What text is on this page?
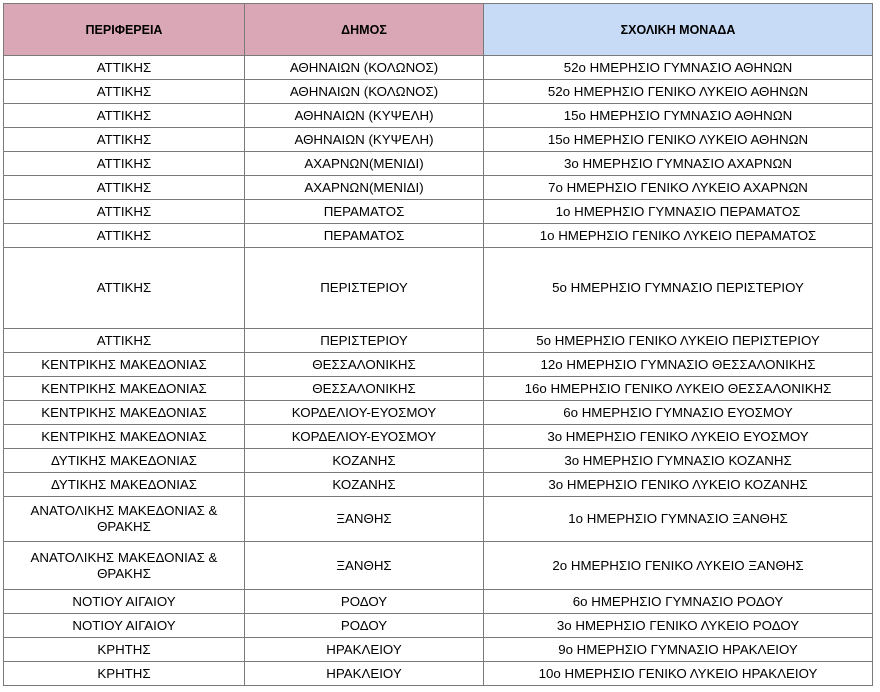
ΠΕΡΙΦΕΡΕΙΑ	ΔΗΜΟΣ	ΣΧΟΛΙΚΗ ΜΟΝΑΔΑ
ΑΤΤΙΚΗΣ	ΑΘΗΝΑΙΩΝ (ΚΟΛΩΝΟΣ)	52ο ΗΜΕΡΗΣΙΟ ΓΥΜΝΑΣΙΟ ΑΘΗΝΩΝ
ΑΤΤΙΚΗΣ	ΑΘΗΝΑΙΩΝ (ΚΟΛΩΝΟΣ)	52ο ΗΜΕΡΗΣΙΟ ΓΕΝΙΚΟ ΛΥΚΕΙΟ ΑΘΗΝΩΝ
ΑΤΤΙΚΗΣ	ΑΘΗΝΑΙΩΝ (ΚΥΨΕΛΗ)	15ο ΗΜΕΡΗΣΙΟ ΓΥΜΝΑΣΙΟ ΑΘΗΝΩΝ
ΑΤΤΙΚΗΣ	ΑΘΗΝΑΙΩΝ (ΚΥΨΕΛΗ)	15ο ΗΜΕΡΗΣΙΟ ΓΕΝΙΚΟ ΛΥΚΕΙΟ ΑΘΗΝΩΝ
ΑΤΤΙΚΗΣ	ΑΧΑΡΝΩΝ(ΜΕΝΙΔΙ)	3ο ΗΜΕΡΗΣΙΟ ΓΥΜΝΑΣΙΟ ΑΧΑΡΝΩΝ
ΑΤΤΙΚΗΣ	ΑΧΑΡΝΩΝ(ΜΕΝΙΔΙ)	7ο ΗΜΕΡΗΣΙΟ ΓΕΝΙΚΟ ΛΥΚΕΙΟ ΑΧΑΡΝΩΝ
ΑΤΤΙΚΗΣ	ΠΕΡΑΜΑΤΟΣ	1ο ΗΜΕΡΗΣΙΟ ΓΥΜΝΑΣΙΟ ΠΕΡΑΜΑΤΟΣ
ΑΤΤΙΚΗΣ	ΠΕΡΑΜΑΤΟΣ	1ο ΗΜΕΡΗΣΙΟ ΓΕΝΙΚΟ ΛΥΚΕΙΟ ΠΕΡΑΜΑΤΟΣ
ΑΤΤΙΚΗΣ	ΠΕΡΙΣΤΕΡΙΟΥ	5ο ΗΜΕΡΗΣΙΟ ΓΥΜΝΑΣΙΟ ΠΕΡΙΣΤΕΡΙΟΥ
ΑΤΤΙΚΗΣ	ΠΕΡΙΣΤΕΡΙΟΥ	5ο ΗΜΕΡΗΣΙΟ ΓΕΝΙΚΟ ΛΥΚΕΙΟ ΠΕΡΙΣΤΕΡΙΟΥ
ΚΕΝΤΡΙΚΗΣ ΜΑΚΕΔΟΝΙΑΣ	ΘΕΣΣΑΛΟΝΙΚΗΣ	12ο ΗΜΕΡΗΣΙΟ ΓΥΜΝΑΣΙΟ ΘΕΣΣΑΛΟΝΙΚΗΣ
ΚΕΝΤΡΙΚΗΣ ΜΑΚΕΔΟΝΙΑΣ	ΘΕΣΣΑΛΟΝΙΚΗΣ	16ο ΗΜΕΡΗΣΙΟ ΓΕΝΙΚΟ ΛΥΚΕΙΟ ΘΕΣΣΑΛΟΝΙΚΗΣ
ΚΕΝΤΡΙΚΗΣ ΜΑΚΕΔΟΝΙΑΣ	ΚΟΡΔΕΛΙΟΥ-ΕΥΟΣΜΟΥ	6ο ΗΜΕΡΗΣΙΟ ΓΥΜΝΑΣΙΟ ΕΥΟΣΜΟΥ
ΚΕΝΤΡΙΚΗΣ ΜΑΚΕΔΟΝΙΑΣ	ΚΟΡΔΕΛΙΟΥ-ΕΥΟΣΜΟΥ	3ο ΗΜΕΡΗΣΙΟ ΓΕΝΙΚΟ ΛΥΚΕΙΟ ΕΥΟΣΜΟΥ
ΔΥΤΙΚΗΣ ΜΑΚΕΔΟΝΙΑΣ	ΚΟΖΑΝΗΣ	3ο ΗΜΕΡΗΣΙΟ ΓΥΜΝΑΣΙΟ ΚΟΖΑΝΗΣ
ΔΥΤΙΚΗΣ ΜΑΚΕΔΟΝΙΑΣ	ΚΟΖΑΝΗΣ	3ο ΗΜΕΡΗΣΙΟ ΓΕΝΙΚΟ ΛΥΚΕΙΟ ΚΟΖΑΝΗΣ
ΑΝΑΤΟΛΙΚΗΣ ΜΑΚΕΔΟΝΙΑΣ & ΘΡΑΚΗΣ	ΞΑΝΘΗΣ	1ο ΗΜΕΡΗΣΙΟ ΓΥΜΝΑΣΙΟ ΞΑΝΘΗΣ
ΑΝΑΤΟΛΙΚΗΣ ΜΑΚΕΔΟΝΙΑΣ & ΘΡΑΚΗΣ	ΞΑΝΘΗΣ	2ο ΗΜΕΡΗΣΙΟ ΓΕΝΙΚΟ ΛΥΚΕΙΟ ΞΑΝΘΗΣ
ΝΟΤΙΟΥ ΑΙΓΑΙΟΥ	ΡΟΔΟΥ	6ο ΗΜΕΡΗΣΙΟ ΓΥΜΝΑΣΙΟ ΡΟΔΟΥ
ΝΟΤΙΟΥ ΑΙΓΑΙΟΥ	ΡΟΔΟΥ	3ο ΗΜΕΡΗΣΙΟ ΓΕΝΙΚΟ ΛΥΚΕΙΟ ΡΟΔΟΥ
ΚΡΗΤΗΣ	ΗΡΑΚΛΕΙΟΥ	9ο ΗΜΕΡΗΣΙΟ ΓΥΜΝΑΣΙΟ ΗΡΑΚΛΕΙΟΥ
ΚΡΗΤΗΣ	ΗΡΑΚΛΕΙΟΥ	10ο ΗΜΕΡΗΣΙΟ ΓΕΝΙΚΟ ΛΥΚΕΙΟ ΗΡΑΚΛΕΙΟΥ
